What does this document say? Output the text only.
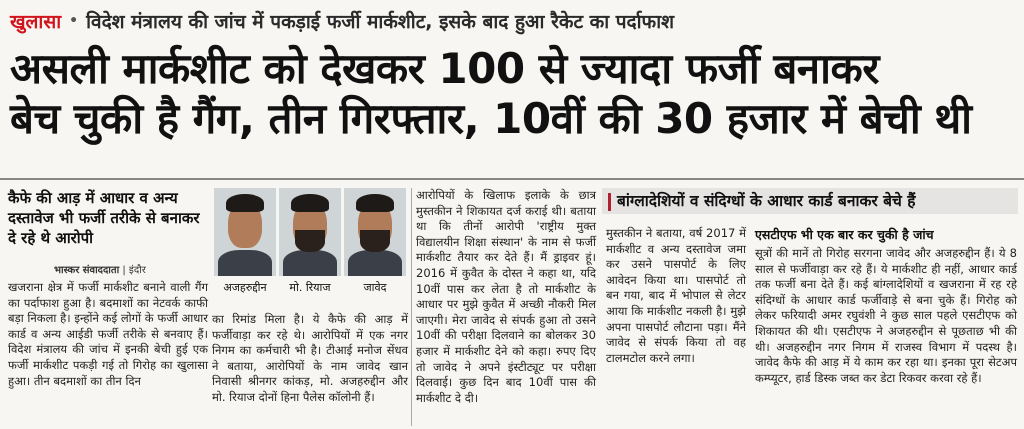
खुलासा • विदेश मंत्रालय की जांच में पकड़ाई फर्जी मार्कशीट, इसके बाद हुआ रैकेट का पर्दाफाश
असली मार्कशीट को देखकर 100 से ज्यादा फर्जी बनाकर
बेच चुकी है गैंग, तीन गिरफ्तार, 10वीं की 30 हजार में बेची थी
कैफे की आड़ में आधार व अन्य दस्तावेज भी फर्जी तरीके से बनाकर दे रहे थे आरोपी
भास्कर संवाददाता | इंदौर
खजराना क्षेत्र में फर्जी मार्कशीट बनाने वाली गैंग का पर्दाफाश हुआ है। बदमाशों का नेटवर्क काफी बड़ा निकला है। इन्होंने कई लोगों के फर्जी आधार कार्ड व अन्य आईडी फर्जी तरीके से बनवाए हैं। विदेश मंत्रालय की जांच में इनकी बेची हुई एक फर्जी मार्कशीट पकड़ी गई तो गिरोह का खुलासा हुआ। तीन बदमाशों का तीन दिन
अजहरुद्दीन	मो. रियाज	जावेद
का रिमांड मिला है। ये कैफे की आड़ में फर्जीवाड़ा कर रहे थे। आरोपियों में एक नगर निगम का कर्मचारी भी है। टीआई मनोज सेंधव ने बताया, आरोपियों के नाम जावेद खान निवासी श्रीनगर कांकड़, मो. अजहरुद्दीन और मो. रियाज दोनों हिना पैलेस कॉलोनी हैं।
आरोपियों के खिलाफ इलाके के छात्र मुस्तकीन ने शिकायत दर्ज कराई थी। बताया था कि तीनों आरोपी 'राष्ट्रीय मुक्त विद्यालयीन शिक्षा संस्थान' के नाम से फर्जी मार्कशीट तैयार कर देते हैं। मैं ड्राइवर हूं। 2016 में कुवैत के दोस्त ने कहा था, यदि 10वीं पास कर लेता है तो मार्कशीट के आधार पर मुझे कुवैत में अच्छी नौकरी मिल जाएगी। मेरा जावेद से संपर्क हुआ तो उसने 10वीं की परीक्षा दिलवाने का बोलकर 30 हजार में मार्कशीट देने को कहा। रुपए दिए तो जावेद ने अपने इंस्टीट्यूट पर परीक्षा दिलवाई। कुछ दिन बाद 10वीं पास की मार्कशीट दे दी।
बांग्लादेशियों व संदिग्धों के आधार कार्ड बनाकर बेचे हैं
मुस्तकीन ने बताया, वर्ष 2017 में मार्कशीट व अन्य दस्तावेज जमा कर उसने पासपोर्ट के लिए आवेदन किया था। पासपोर्ट तो बन गया, बाद में भोपाल से लेटर आया कि मार्कशीट नकली है। मुझे अपना पासपोर्ट लौटाना पड़ा। मैंने जावेद से संपर्क किया तो वह टालमटोल करने लगा।
एसटीएफ भी एक बार कर चुकी है जांच
सूत्रों की मानें तो गिरोह सरगना जावेद और अजहरुद्दीन हैं। ये 8 साल से फर्जीवाड़ा कर रहे हैं। ये मार्कशीट ही नहीं, आधार कार्ड तक फर्जी बना देते हैं। कई बांग्लादेशियों व खजराना में रह रहे संदिग्धों के आधार कार्ड फर्जीवाड़े से बना चुके हैं। गिरोह को लेकर फरियादी अमर रघुवंशी ने कुछ साल पहले एसटीएफ को शिकायत की थी। एसटीएफ ने अजहरुद्दीन से पूछताछ भी की थी। अजहरुद्दीन नगर निगम में राजस्व विभाग में पदस्थ है। जावेद कैफे की आड़ में ये काम कर रहा था। इनका पूरा सेटअप कम्प्यूटर, हार्ड डिस्क जब्त कर डेटा रिकवर करवा रहे हैं।
